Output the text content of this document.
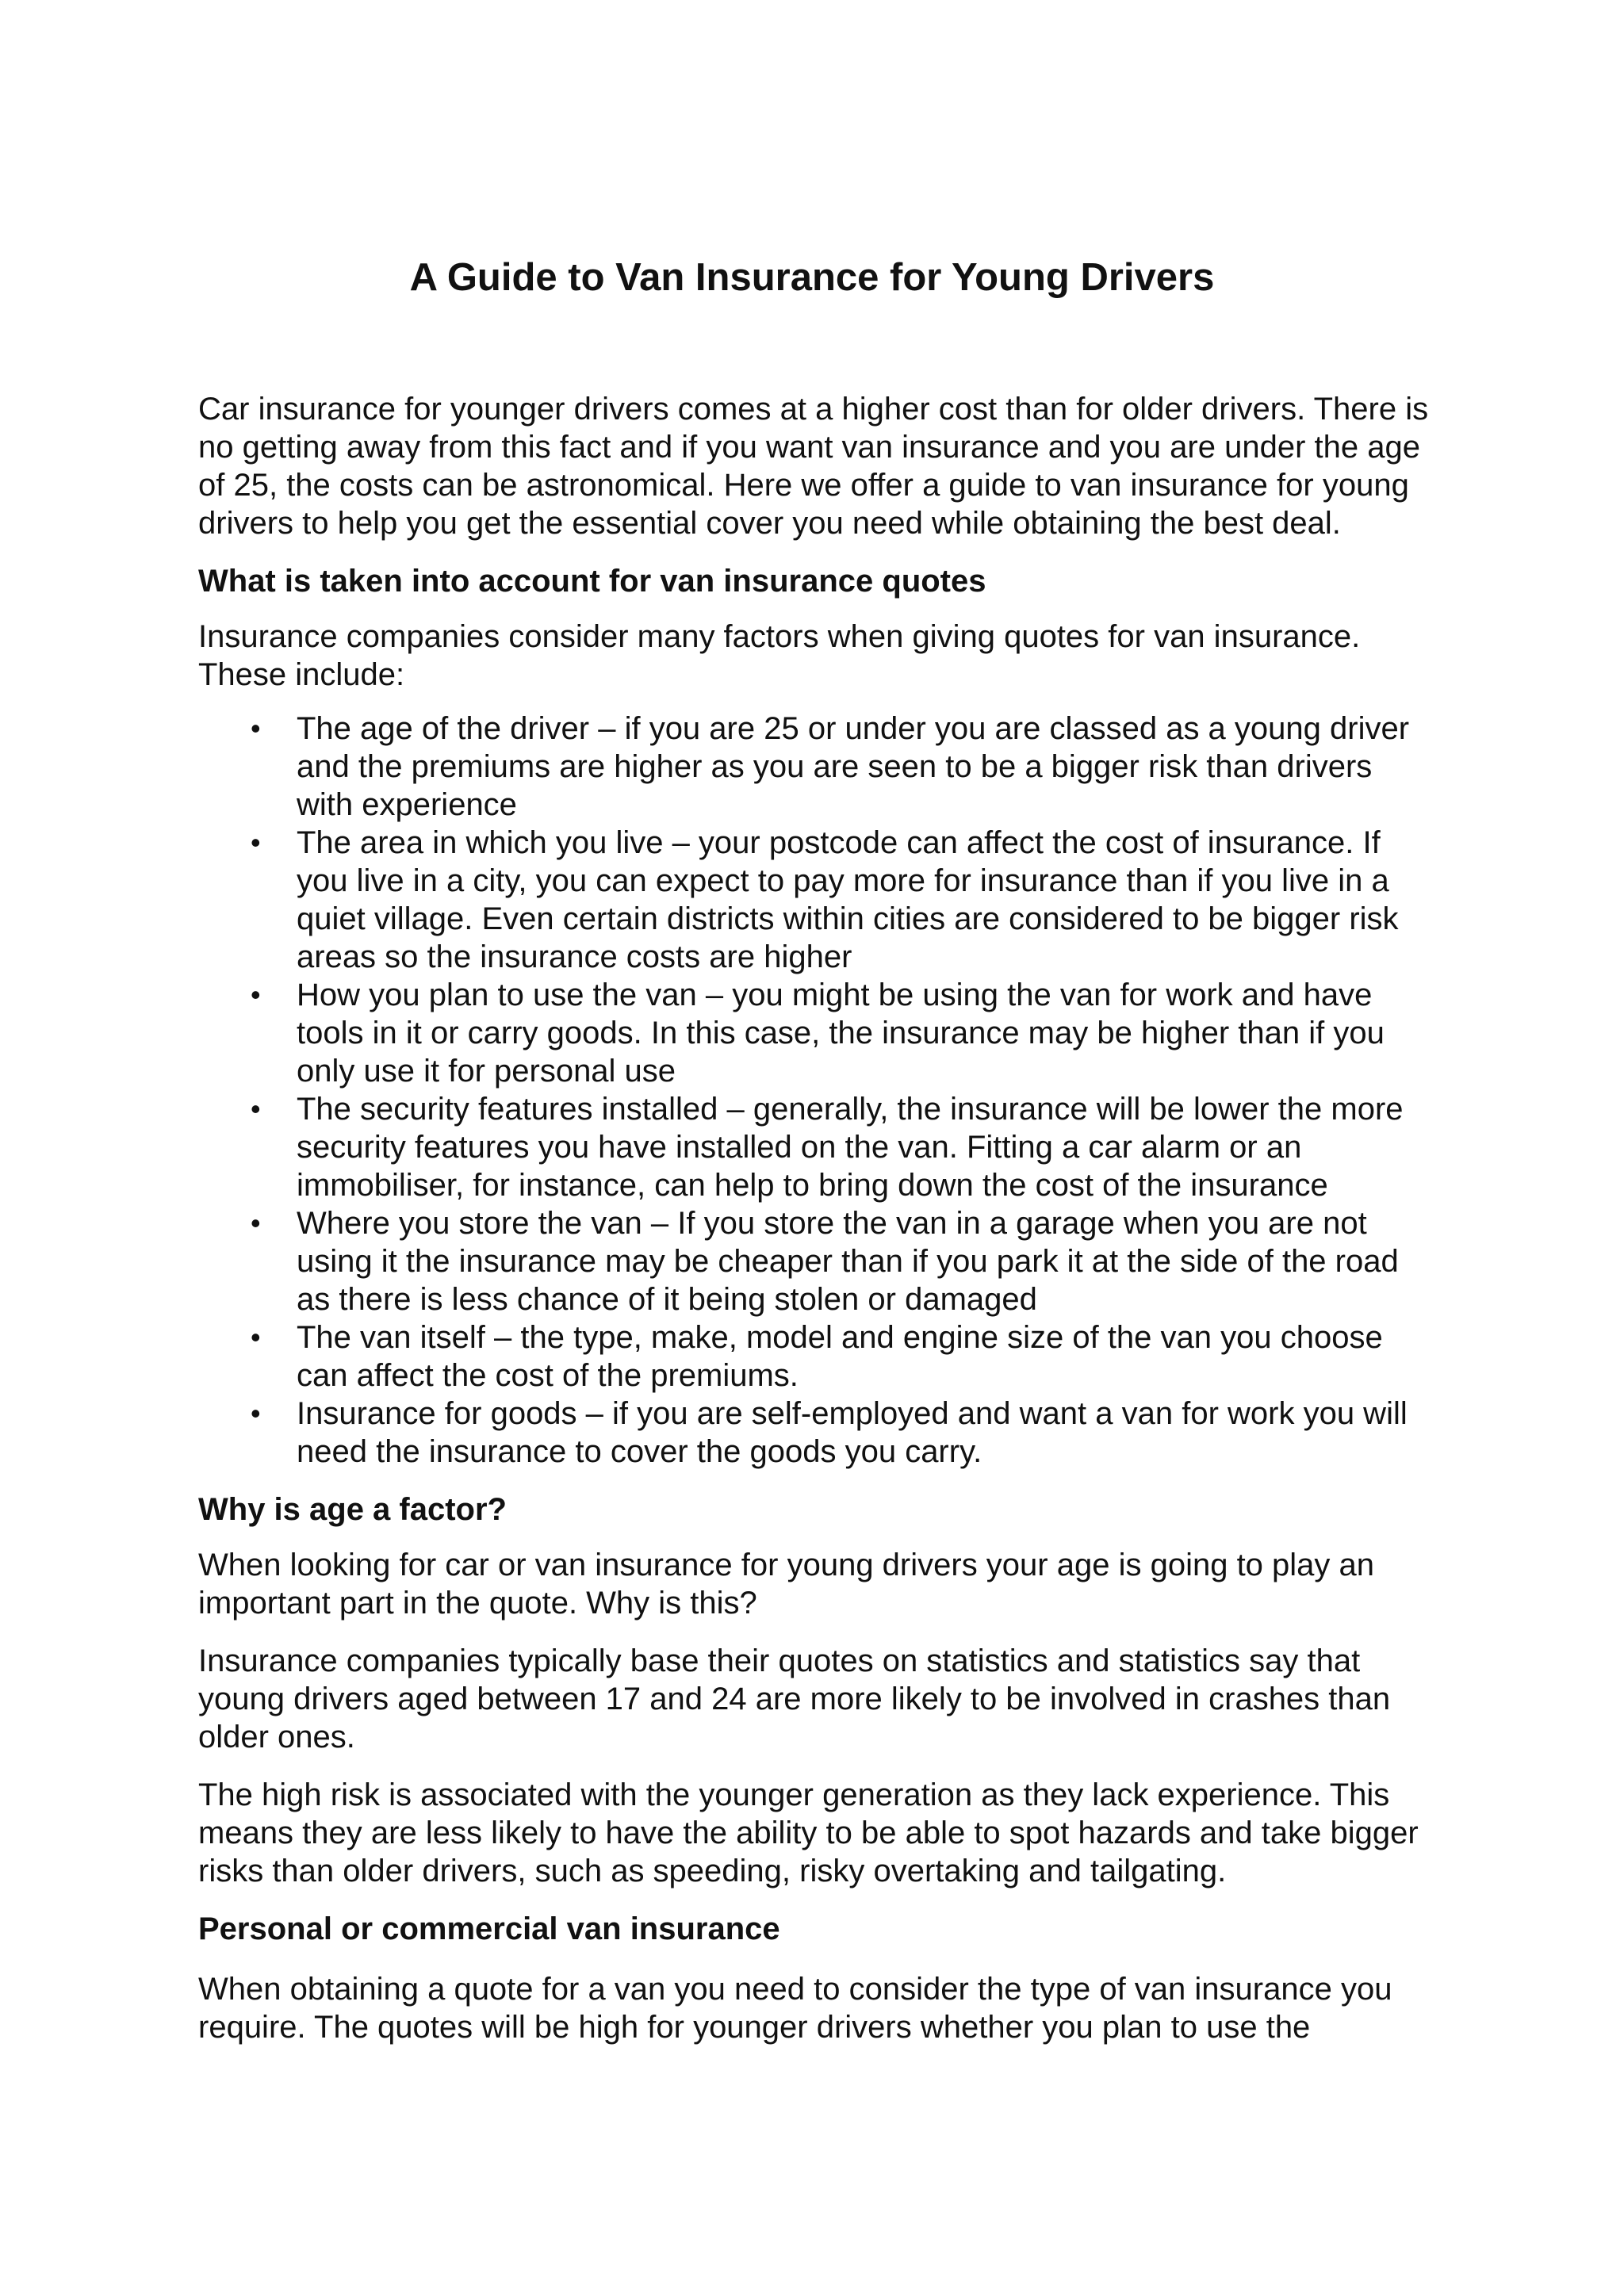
A Guide to Van Insurance for Young Drivers

Car insurance for younger drivers comes at a higher cost than for older drivers. There is no getting away from this fact and if you want van insurance and you are under the age of 25, the costs can be astronomical. Here we offer a guide to van insurance for young drivers to help you get the essential cover you need while obtaining the best deal.

What is taken into account for van insurance quotes

Insurance companies consider many factors when giving quotes for van insurance. These include:

• The age of the driver – if you are 25 or under you are classed as a young driver and the premiums are higher as you are seen to be a bigger risk than drivers with experience
• The area in which you live – your postcode can affect the cost of insurance. If you live in a city, you can expect to pay more for insurance than if you live in a quiet village. Even certain districts within cities are considered to be bigger risk areas so the insurance costs are higher
• How you plan to use the van – you might be using the van for work and have tools in it or carry goods. In this case, the insurance may be higher than if you only use it for personal use
• The security features installed – generally, the insurance will be lower the more security features you have installed on the van. Fitting a car alarm or an immobiliser, for instance, can help to bring down the cost of the insurance
• Where you store the van – If you store the van in a garage when you are not using it the insurance may be cheaper than if you park it at the side of the road as there is less chance of it being stolen or damaged
• The van itself – the type, make, model and engine size of the van you choose can affect the cost of the premiums.
• Insurance for goods – if you are self-employed and want a van for work you will need the insurance to cover the goods you carry.
Why is age a factor?

When looking for car or van insurance for young drivers your age is going to play an important part in the quote. Why is this?

Insurance companies typically base their quotes on statistics and statistics say that young drivers aged between 17 and 24 are more likely to be involved in crashes than older ones.

The high risk is associated with the younger generation as they lack experience. This means they are less likely to have the ability to be able to spot hazards and take bigger risks than older drivers, such as speeding, risky overtaking and tailgating.

Personal or commercial van insurance

When obtaining a quote for a van you need to consider the type of van insurance you require. The quotes will be high for younger drivers whether you plan to use the
